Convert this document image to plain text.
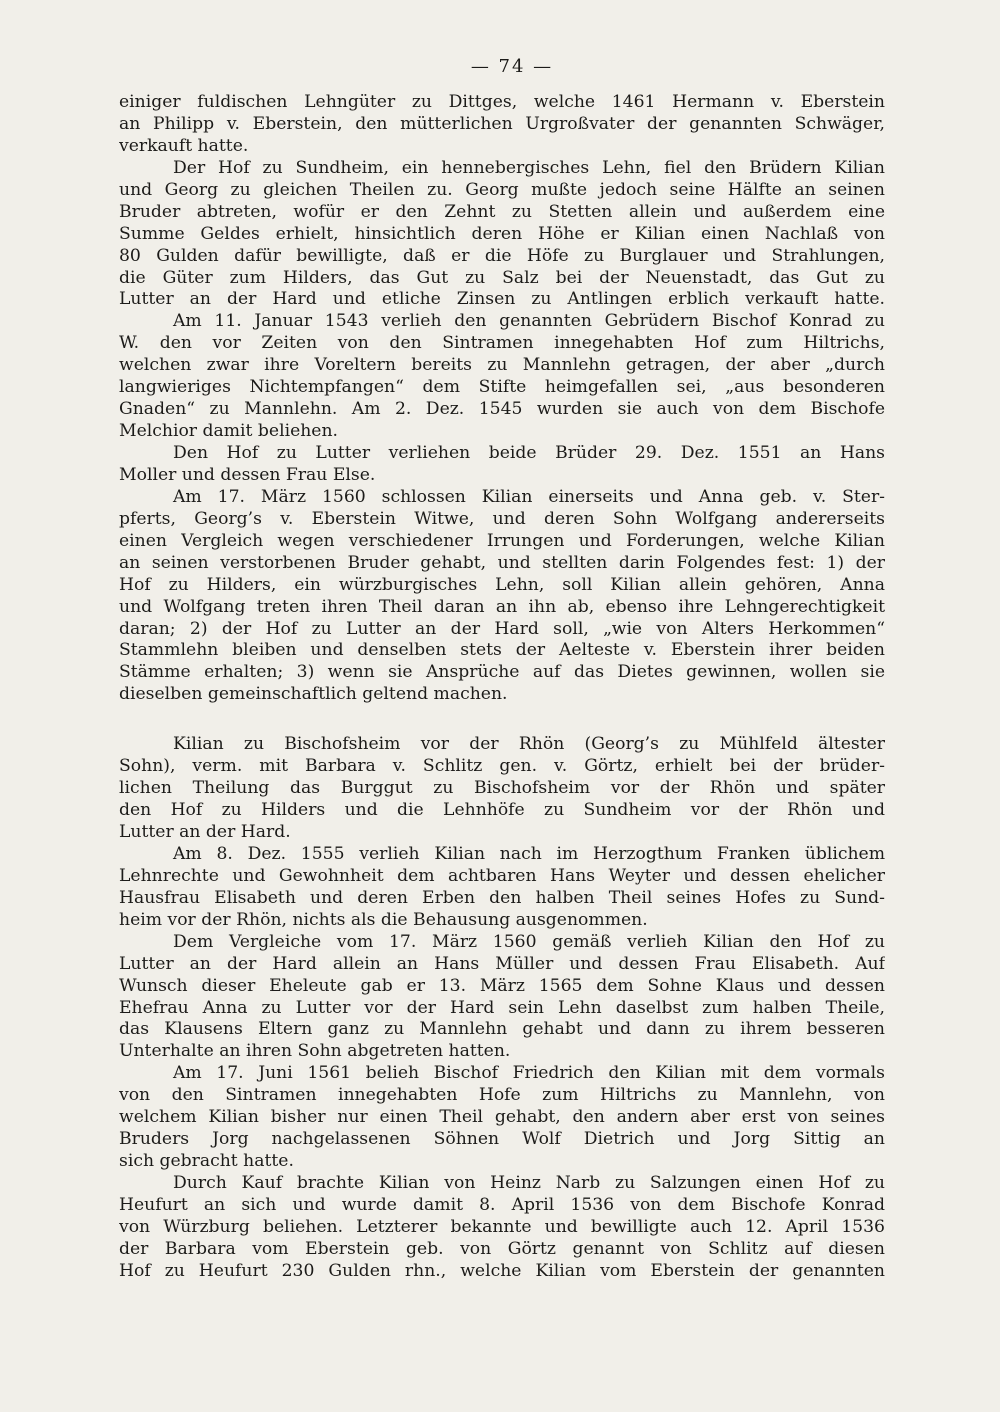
— 74 —
einiger fuldischen Lehngüter zu Dittges, welche 1461 Hermann v. Eberstein
an Philipp v. Eberstein, den mütterlichen Urgroßvater der genannten Schwäger,
verkauft hatte.
Der Hof zu Sundheim, ein hennebergisches Lehn, fiel den Brüdern Kilian
und Georg zu gleichen Theilen zu. Georg mußte jedoch seine Hälfte an seinen
Bruder abtreten, wofür er den Zehnt zu Stetten allein und außerdem eine
Summe Geldes erhielt, hinsichtlich deren Höhe er Kilian einen Nachlaß von
80 Gulden dafür bewilligte, daß er die Höfe zu Burglauer und Strahlungen,
die Güter zum Hilders, das Gut zu Salz bei der Neuenstadt, das Gut zu
Lutter an der Hard und etliche Zinsen zu Antlingen erblich verkauft hatte.
Am 11. Januar 1543 verlieh den genannten Gebrüdern Bischof Konrad zu
W. den vor Zeiten von den Sintramen innegehabten Hof zum Hiltrichs,
welchen zwar ihre Voreltern bereits zu Mannlehn getragen, der aber „durch
langwieriges Nichtempfangen“ dem Stifte heimgefallen sei, „aus besonderen
Gnaden“ zu Mannlehn. Am 2. Dez. 1545 wurden sie auch von dem Bischofe
Melchior damit beliehen.
Den Hof zu Lutter verliehen beide Brüder 29. Dez. 1551 an Hans
Moller und dessen Frau Else.
Am 17. März 1560 schlossen Kilian einerseits und Anna geb. v. Ster-
pferts, Georg’s v. Eberstein Witwe, und deren Sohn Wolfgang andererseits
einen Vergleich wegen verschiedener Irrungen und Forderungen, welche Kilian
an seinen verstorbenen Bruder gehabt, und stellten darin Folgendes fest: 1) der
Hof zu Hilders, ein würzburgisches Lehn, soll Kilian allein gehören, Anna
und Wolfgang treten ihren Theil daran an ihn ab, ebenso ihre Lehngerechtigkeit
daran; 2) der Hof zu Lutter an der Hard soll, „wie von Alters Herkommen“
Stammlehn bleiben und denselben stets der Aelteste v. Eberstein ihrer beiden
Stämme erhalten; 3) wenn sie Ansprüche auf das Dietes gewinnen, wollen sie
dieselben gemeinschaftlich geltend machen.
Kilian zu Bischofsheim vor der Rhön (Georg’s zu Mühlfeld ältester
Sohn), verm. mit Barbara v. Schlitz gen. v. Görtz, erhielt bei der brüder-
lichen Theilung das Burggut zu Bischofsheim vor der Rhön und später
den Hof zu Hilders und die Lehnhöfe zu Sundheim vor der Rhön und
Lutter an der Hard.
Am 8. Dez. 1555 verlieh Kilian nach im Herzogthum Franken üblichem
Lehnrechte und Gewohnheit dem achtbaren Hans Weyter und dessen ehelicher
Hausfrau Elisabeth und deren Erben den halben Theil seines Hofes zu Sund-
heim vor der Rhön, nichts als die Behausung ausgenommen.
Dem Vergleiche vom 17. März 1560 gemäß verlieh Kilian den Hof zu
Lutter an der Hard allein an Hans Müller und dessen Frau Elisabeth. Auf
Wunsch dieser Eheleute gab er 13. März 1565 dem Sohne Klaus und dessen
Ehefrau Anna zu Lutter vor der Hard sein Lehn daselbst zum halben Theile,
das Klausens Eltern ganz zu Mannlehn gehabt und dann zu ihrem besseren
Unterhalte an ihren Sohn abgetreten hatten.
Am 17. Juni 1561 belieh Bischof Friedrich den Kilian mit dem vormals
von den Sintramen innegehabten Hofe zum Hiltrichs zu Mannlehn, von
welchem Kilian bisher nur einen Theil gehabt, den andern aber erst von seines
Bruders Jorg nachgelassenen Söhnen Wolf Dietrich und Jorg Sittig an
sich gebracht hatte.
Durch Kauf brachte Kilian von Heinz Narb zu Salzungen einen Hof zu
Heufurt an sich und wurde damit 8. April 1536 von dem Bischofe Konrad
von Würzburg beliehen. Letzterer bekannte und bewilligte auch 12. April 1536
der Barbara vom Eberstein geb. von Görtz genannt von Schlitz auf diesen
Hof zu Heufurt 230 Gulden rhn., welche Kilian vom Eberstein der genannten
